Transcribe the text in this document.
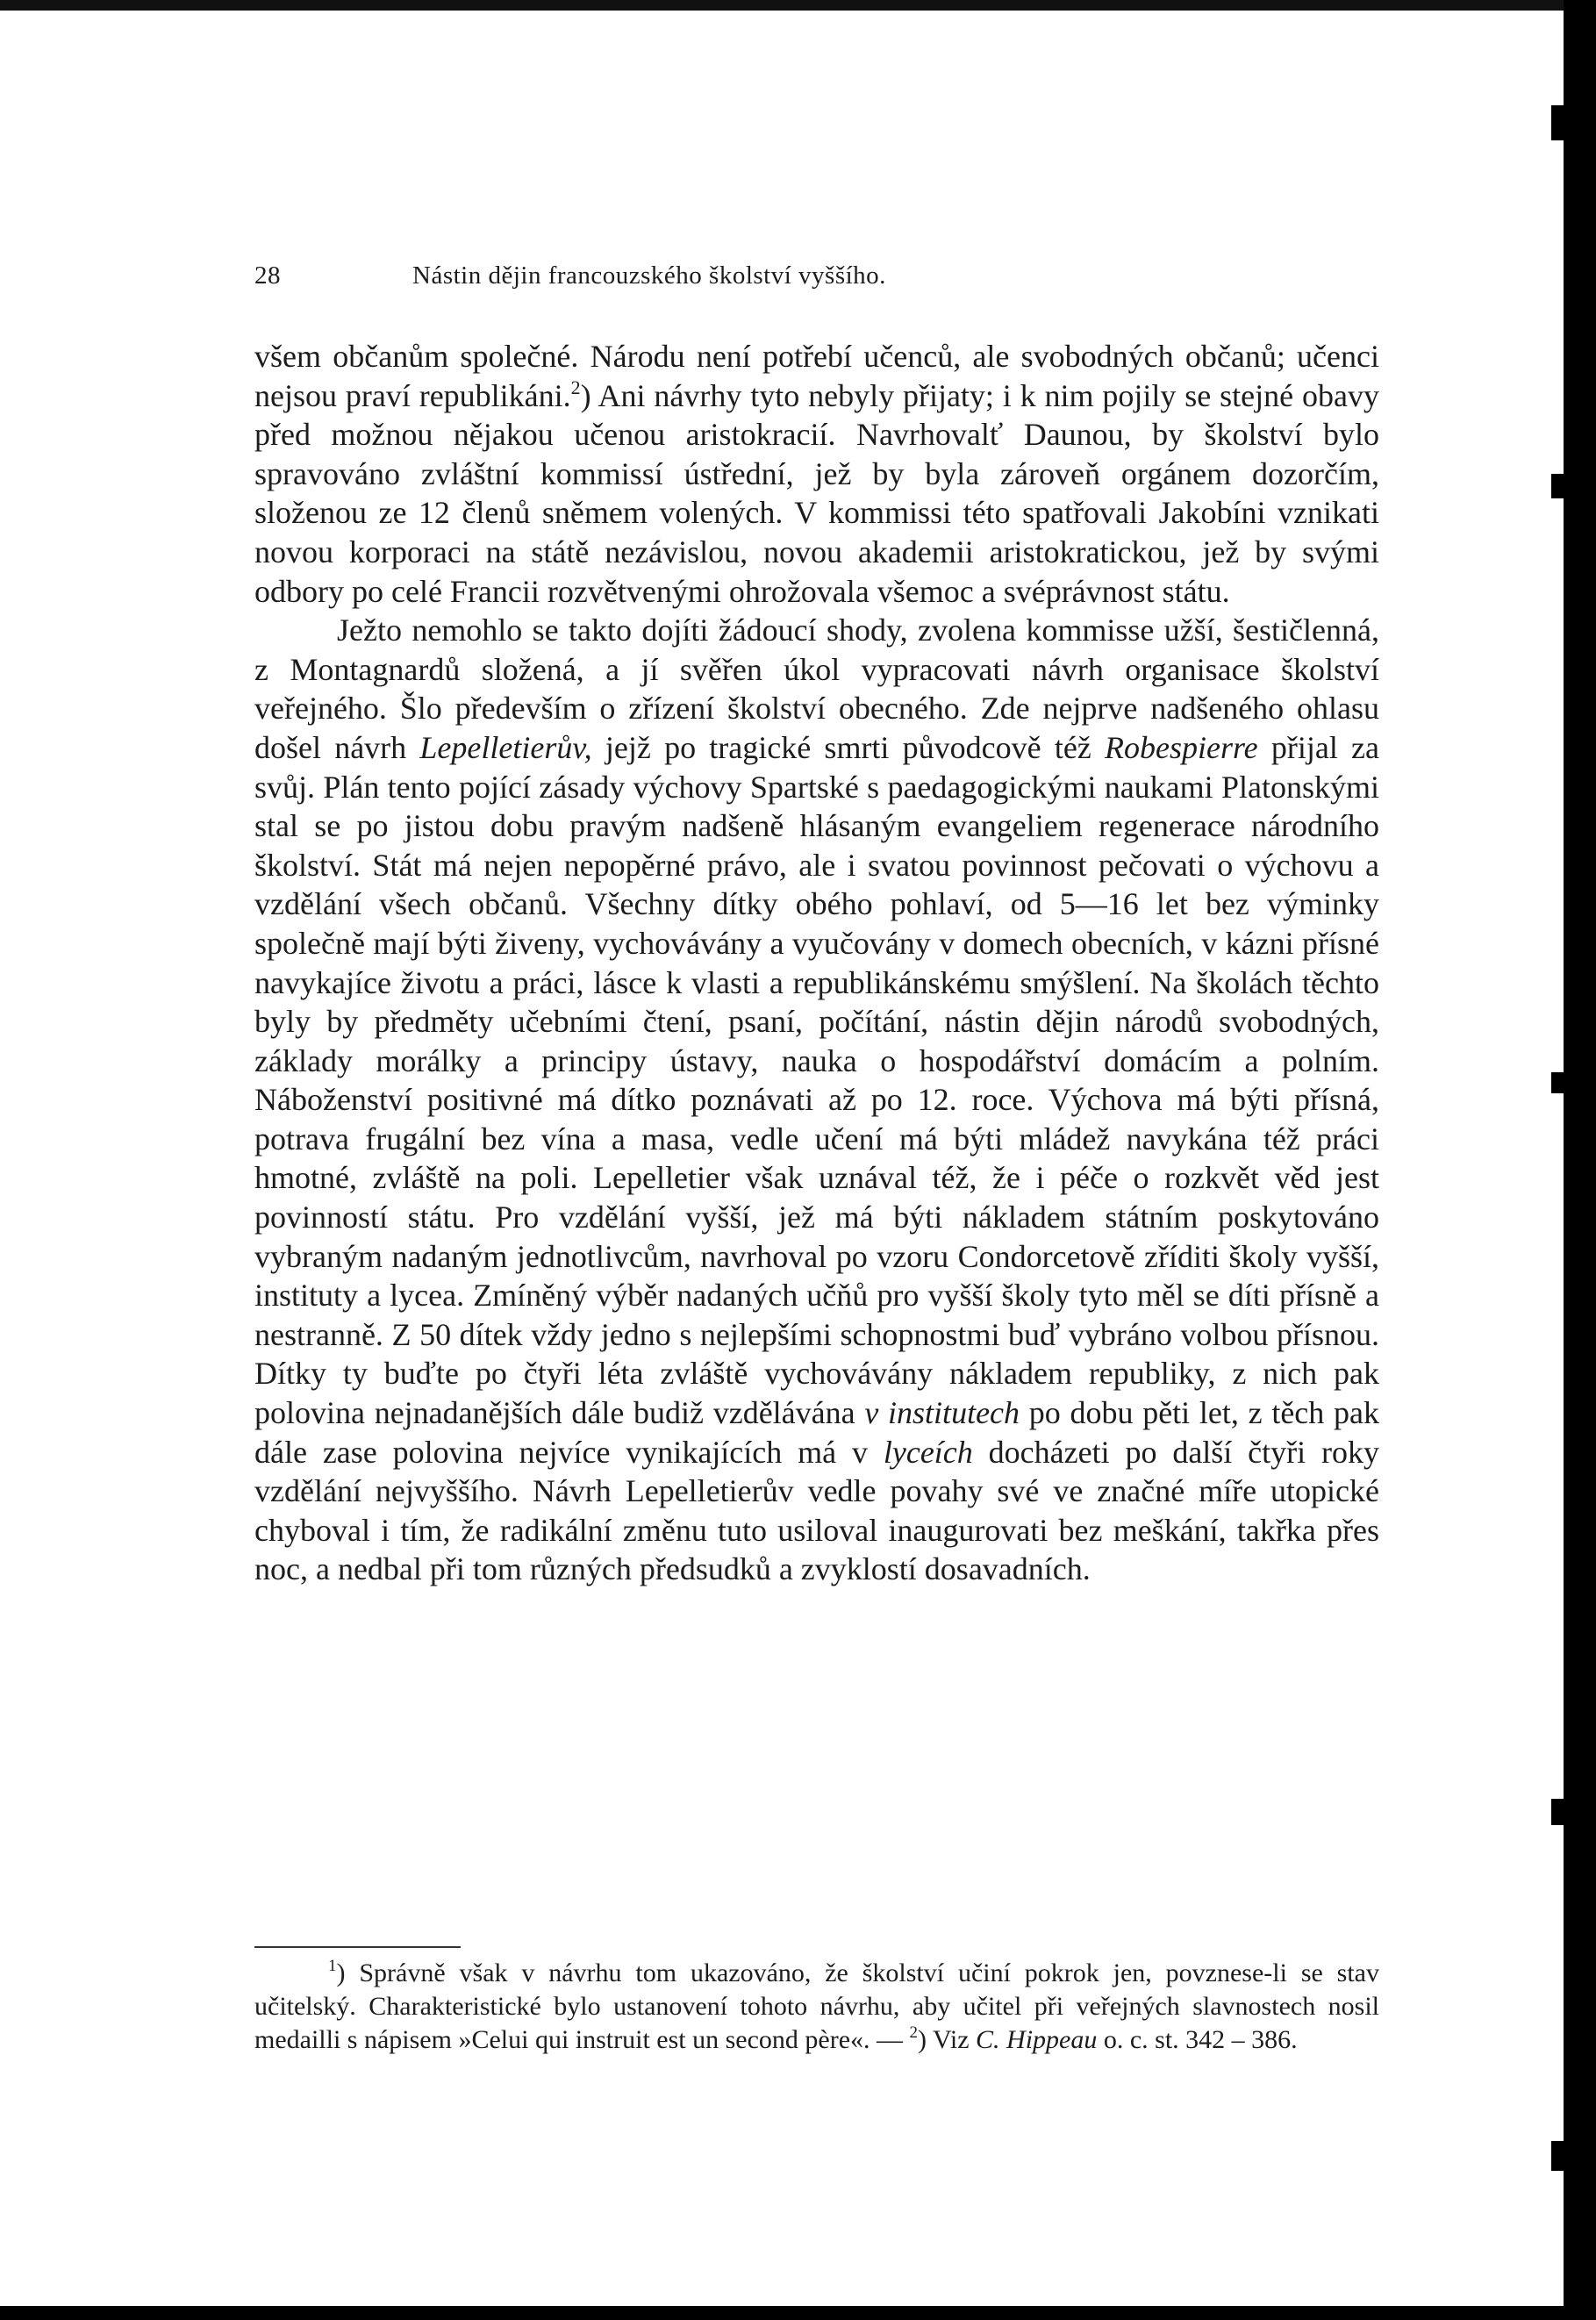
28	Nástin dějin francouzského školství vyššího.

všem občanům společné. Národu není potřebí učenců, ale svobodných občanů; učenci nejsou praví republikáni.$^2$) Ani návrhy tyto nebyly přijaty; i k nim pojily se stejné obavy před možnou nějakou učenou aristokracií. Navrhovalť Daunou, by školství bylo spravováno zvláštní kommissí ústřední, jež by byla zároveň orgánem dozorčím, složenou ze 12 členů sněmem volených. V kommissi této spatřovali Jakobíni vznikati novou korporaci na státě nezávislou, novou akademii aristokratickou, jež by svými odbory po celé Francii rozvětvenými ohrožovala všemoc a svéprávnost státu.

Ježto nemohlo se takto dojíti žádoucí shody, zvolena kommisse užší, šestičlenná, z Montagnardů složená, a jí svěřen úkol vypracovati návrh organisace školství veřejného. Šlo především o zřízení školství obecného. Zde nejprve nadšeného ohlasu došel návrh Lepelletierův, jejž po tragické smrti původcově též Robespierre přijal za svůj. Plán tento pojící zásady výchovy Spartské s paedagogickými naukami Platonskými stal se po jistou dobu pravým nadšeně hlásaným evangeliem regenerace národního školství. Stát má nejen nepopěrné právo, ale i svatou povinnost pečovati o výchovu a vzdělání všech občanů. Všechny dítky obého pohlaví, od 5—16 let bez výminky společně mají býti živeny, vychovávány a vyučovány v domech obecních, v kázni přísné navykajíce životu a práci, lásce k vlasti a republikánskému smýšlení. Na školách těchto byly by předměty učebními čtení, psaní, počítání, nástin dějin národů svobodných, základy morálky a principy ústavy, nauka o hospodářství domácím a polním. Náboženství positivné má dítko poznávati až po 12. roce. Výchova má býti přísná, potrava frugální bez vína a masa, vedle učení má býti mládež navykána též práci hmotné, zvláště na poli. Lepelletier však uznával též, že i péče o rozkvět věd jest povinností státu. Pro vzdělání vyšší, jež má býti nákladem státním poskytováno vybraným nadaným jednotlivcům, navrhoval po vzoru Condorcetově zříditi školy vyšší, instituty a lycea. Zmíněný výběr nadaných učňů pro vyšší školy tyto měl se díti přísně a nestranně. Z 50 dítek vždy jedno s nejlepšími schopnostmi buď vybráno volbou přísnou. Dítky ty buďte po čtyři léta zvláště vychovávány nákladem republiky, z nich pak polovina nejnadanějších dále budiž vzdělávána v institutech po dobu pěti let, z těch pak dále zase polovina nejvíce vynikajících má v lyceích docházeti po další čtyři roky vzdělání nejvyššího. Návrh Lepelletierův vedle povahy své ve značné míře utopické chyboval i tím, že radikální změnu tuto usiloval inaugurovati bez meškání, takřka přes noc, a nedbal při tom různých předsudků a zvyklostí dosavadních.

$^1$) Správně však v návrhu tom ukazováno, že školství učiní pokrok jen, povznese-li se stav učitelský. Charakteristické bylo ustanovení tohoto návrhu, aby učitel při veřejných slavnostech nosil medailli s nápisem »Celui qui instruit est un second père«. — $^2$) Viz C. Hippeau o. c. st. 342 – 386.
